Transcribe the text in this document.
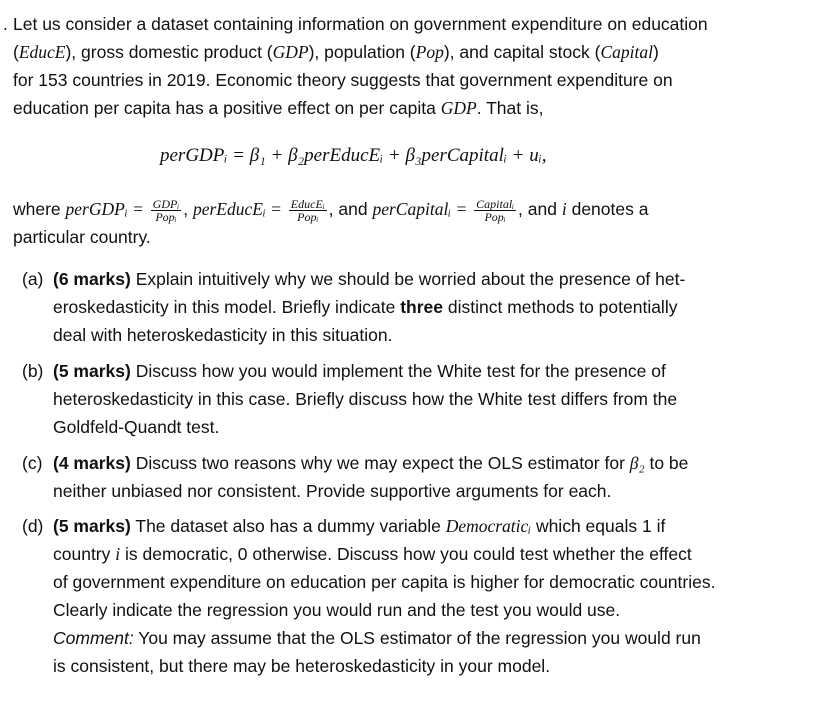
. Let us consider a dataset containing information on government expenditure on education
(EducE), gross domestic product (GDP), population (Pop), and capital stock (Capital)
for 153 countries in 2019. Economic theory suggests that government expenditure on
education per capita has a positive effect on per capita GDP. That is,
perGDPᵢ = β₁ + β₂perEducEᵢ + β₃perCapitalᵢ + uᵢ,
where perGDPᵢ = $\frac{\text{GDPᵢ}}{\text{Popᵢ}}$ , perEducEᵢ = $\frac{\text{EducEᵢ}}{\text{Popᵢ}}$ , and perCapitalᵢ = $\frac{\text{Capitalᵢ}}{\text{Popᵢ}}$ , and i denotes a
particular country.
(a) (6 marks) Explain intuitively why we should be worried about the presence of het-
eroskedasticity in this model. Briefly indicate three distinct methods to potentially
deal with heteroskedasticity in this situation.
(b) (5 marks) Discuss how you would implement the White test for the presence of
heteroskedasticity in this case. Briefly discuss how the White test differs from the
Goldfeld-Quandt test.
(c) (4 marks) Discuss two reasons why we may expect the OLS estimator for β₂ to be
neither unbiased nor consistent. Provide supportive arguments for each.
(d) (5 marks) The dataset also has a dummy variable Democraticᵢ which equals 1 if
country i is democratic, 0 otherwise. Discuss how you could test whether the effect
of government expenditure on education per capita is higher for democratic countries.
Clearly indicate the regression you would run and the test you would use.
Comment: You may assume that the OLS estimator of the regression you would run
is consistent, but there may be heteroskedasticity in your model.
